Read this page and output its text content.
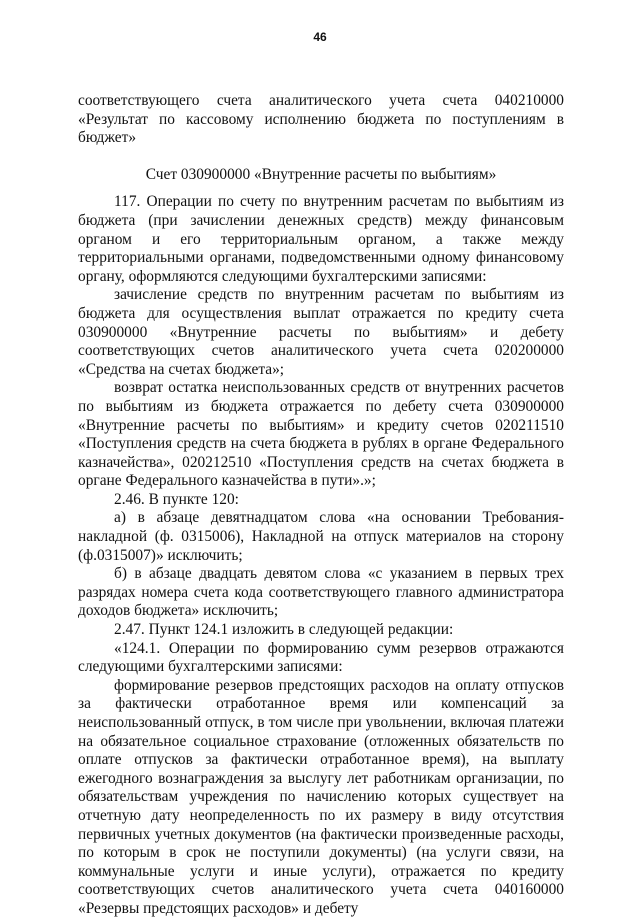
46

соответствующего счета аналитического учета счета 040210000 «Результат по кассовому исполнению бюджета по поступлениям в бюджет»

Счет 030900000 «Внутренние расчеты по выбытиям»

117. Операции по счету по внутренним расчетам по выбытиям из бюджета (при зачислении денежных средств) между финансовым органом и его территориальным органом, а также между территориальными органами, подведомственными одному финансовому органу, оформляются следующими бухгалтерскими записями:

зачисление средств по внутренним расчетам по выбытиям из бюджета для осуществления выплат отражается по кредиту счета 030900000 «Внутренние расчеты по выбытиям» и дебету соответствующих счетов аналитического учета счета 020200000 «Средства на счетах бюджета»;

возврат остатка неиспользованных средств от внутренних расчетов по выбытиям из бюджета отражается по дебету счета 030900000 «Внутренние расчеты по выбытиям» и кредиту счетов 020211510 «Поступления средств на счета бюджета в рублях в органе Федерального казначейства», 020212510 «Поступления средств на счетах бюджета в органе Федерального казначейства в пути».»;

2.46. В пункте 120:

а) в абзаце девятнадцатом слова «на основании Требования-накладной (ф. 0315006), Накладной на отпуск материалов на сторону (ф.0315007)» исключить;

б) в абзаце двадцать девятом слова «с указанием в первых трех разрядах номера счета кода соответствующего главного администратора доходов бюджета» исключить;

2.47. Пункт 124.1 изложить в следующей редакции:

«124.1. Операции по формированию сумм резервов отражаются следующими бухгалтерскими записями:

формирование резервов предстоящих расходов на оплату отпусков за фактически отработанное время или компенсаций за неиспользованный отпуск, в том числе при увольнении, включая платежи на обязательное социальное страхование (отложенных обязательств по оплате отпусков за фактически отработанное время), на выплату ежегодного вознаграждения за выслугу лет работникам организации, по обязательствам учреждения по начислению которых существует на отчетную дату неопределенность по их размеру в виду отсутствия первичных учетных документов (на фактически произведенные расходы, по которым в срок не поступили документы) (на услуги связи, на коммунальные услуги и иные услуги), отражается по кредиту соответствующих счетов аналитического учета счета 040160000 «Резервы предстоящих расходов» и дебету
